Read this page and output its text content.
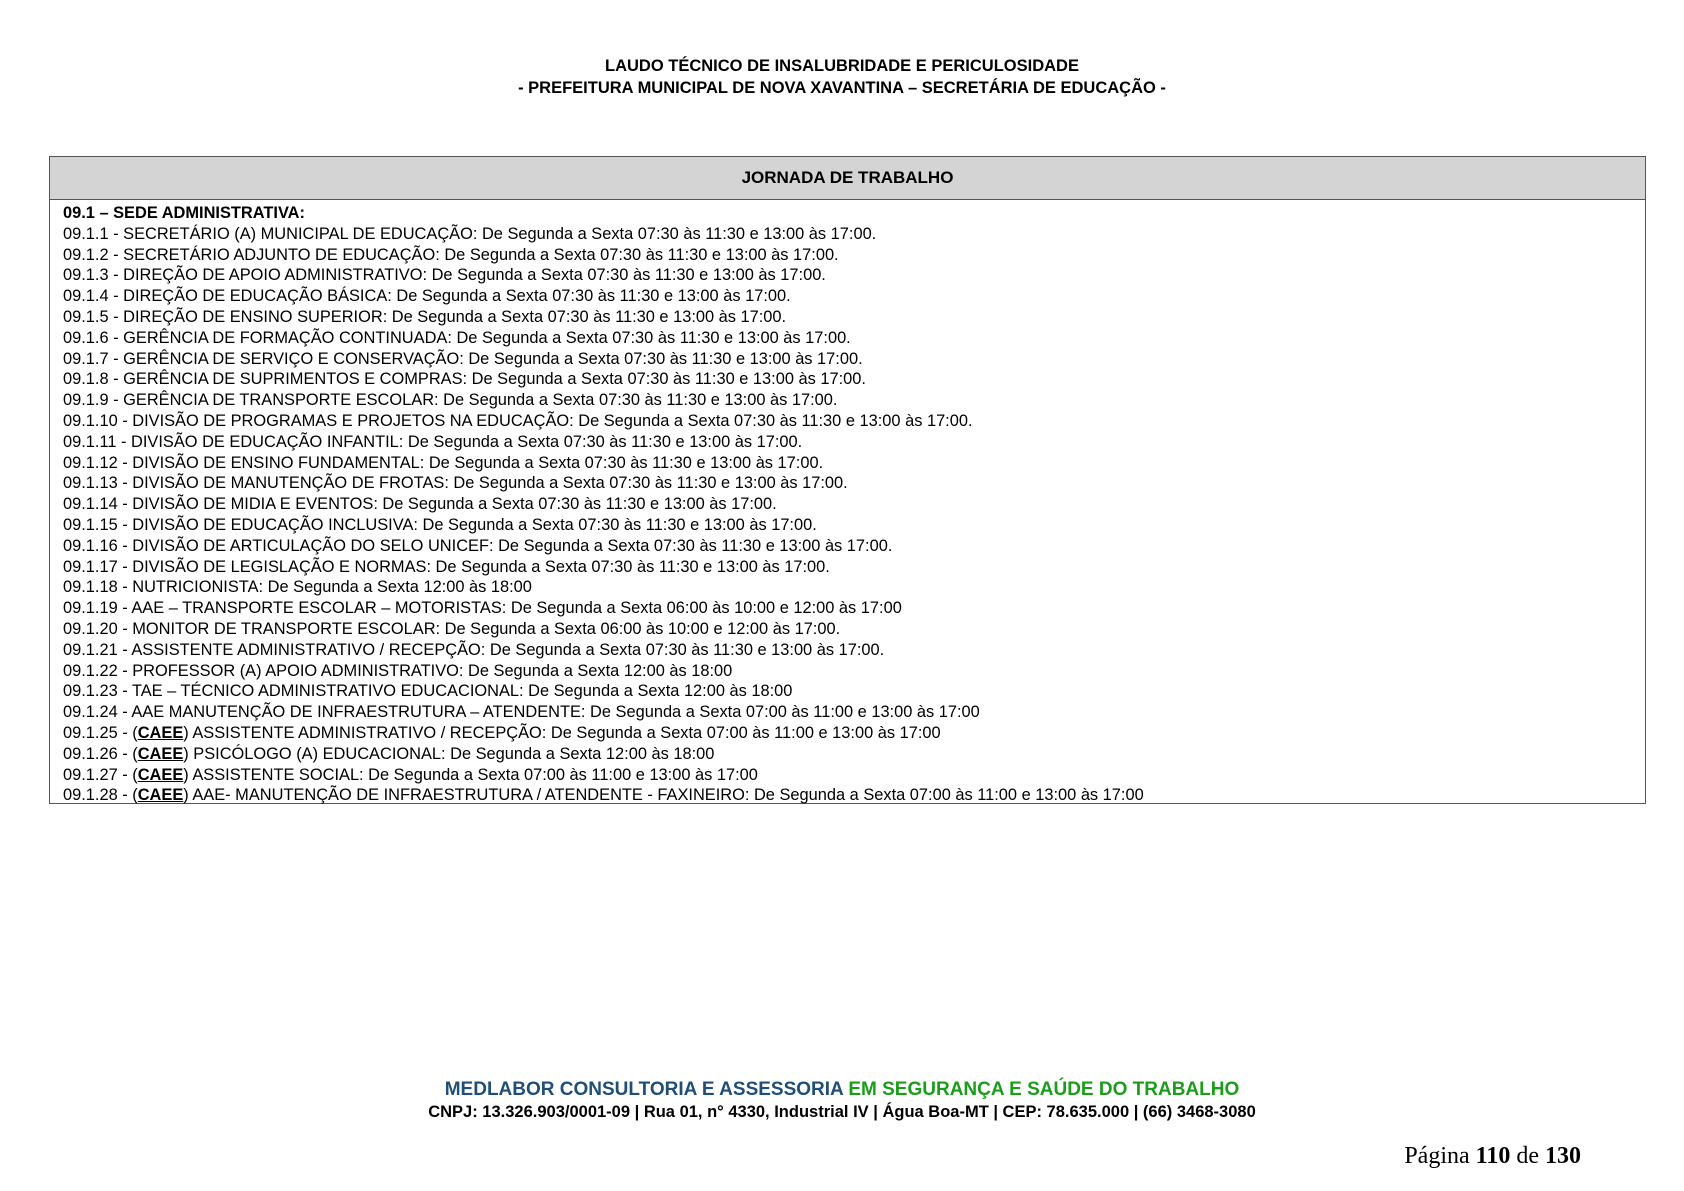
LAUDO TÉCNICO DE INSALUBRIDADE E PERICULOSIDADE
- PREFEITURA MUNICIPAL DE NOVA XAVANTINA – SECRETÁRIA DE EDUCAÇÃO -
JORNADA DE TRABALHO
09.1 – SEDE ADMINISTRATIVA:
09.1.1 - SECRETÁRIO (A) MUNICIPAL DE EDUCAÇÃO: De Segunda a Sexta 07:30 às 11:30 e 13:00 às 17:00.
09.1.2 - SECRETÁRIO ADJUNTO DE EDUCAÇÃO: De Segunda a Sexta 07:30 às 11:30 e 13:00 às 17:00.
09.1.3 - DIREÇÃO DE APOIO ADMINISTRATIVO: De Segunda a Sexta 07:30 às 11:30 e 13:00 às 17:00.
09.1.4 - DIREÇÃO DE EDUCAÇÃO BÁSICA: De Segunda a Sexta 07:30 às 11:30 e 13:00 às 17:00.
09.1.5 - DIREÇÃO DE ENSINO SUPERIOR: De Segunda a Sexta 07:30 às 11:30 e 13:00 às 17:00.
09.1.6 - GERÊNCIA DE FORMAÇÃO CONTINUADA: De Segunda a Sexta 07:30 às 11:30 e 13:00 às 17:00.
09.1.7 - GERÊNCIA DE SERVIÇO E CONSERVAÇÃO: De Segunda a Sexta 07:30 às 11:30 e 13:00 às 17:00.
09.1.8 - GERÊNCIA DE SUPRIMENTOS E COMPRAS: De Segunda a Sexta 07:30 às 11:30 e 13:00 às 17:00.
09.1.9 - GERÊNCIA DE TRANSPORTE ESCOLAR: De Segunda a Sexta 07:30 às 11:30 e 13:00 às 17:00.
09.1.10 - DIVISÃO DE PROGRAMAS E PROJETOS NA EDUCAÇÃO: De Segunda a Sexta 07:30 às 11:30 e 13:00 às 17:00.
09.1.11 - DIVISÃO DE EDUCAÇÃO INFANTIL: De Segunda a Sexta 07:30 às 11:30 e 13:00 às 17:00.
09.1.12 - DIVISÃO DE ENSINO FUNDAMENTAL: De Segunda a Sexta 07:30 às 11:30 e 13:00 às 17:00.
09.1.13 - DIVISÃO DE MANUTENÇÃO DE FROTAS: De Segunda a Sexta 07:30 às 11:30 e 13:00 às 17:00.
09.1.14 - DIVISÃO DE MIDIA E EVENTOS: De Segunda a Sexta 07:30 às 11:30 e 13:00 às 17:00.
09.1.15 - DIVISÃO DE EDUCAÇÃO INCLUSIVA: De Segunda a Sexta 07:30 às 11:30 e 13:00 às 17:00.
09.1.16 - DIVISÃO DE ARTICULAÇÃO DO SELO UNICEF: De Segunda a Sexta 07:30 às 11:30 e 13:00 às 17:00.
09.1.17 - DIVISÃO DE LEGISLAÇÃO E NORMAS: De Segunda a Sexta 07:30 às 11:30 e 13:00 às 17:00.
09.1.18 - NUTRICIONISTA: De Segunda a Sexta 12:00 às 18:00
09.1.19 - AAE – TRANSPORTE ESCOLAR – MOTORISTAS: De Segunda a Sexta 06:00 às 10:00 e 12:00 às 17:00
09.1.20 - MONITOR DE TRANSPORTE ESCOLAR: De Segunda a Sexta 06:00 às 10:00 e 12:00 às 17:00.
09.1.21 - ASSISTENTE ADMINISTRATIVO / RECEPÇÃO: De Segunda a Sexta 07:30 às 11:30 e 13:00 às 17:00.
09.1.22 - PROFESSOR (A) APOIO ADMINISTRATIVO: De Segunda a Sexta 12:00 às 18:00
09.1.23 - TAE – TÉCNICO ADMINISTRATIVO EDUCACIONAL: De Segunda a Sexta 12:00 às 18:00
09.1.24 - AAE MANUTENÇÃO DE INFRAESTRUTURA – ATENDENTE: De Segunda a Sexta 07:00 às 11:00 e 13:00 às 17:00
09.1.25 - (CAEE) ASSISTENTE ADMINISTRATIVO / RECEPÇÃO: De Segunda a Sexta 07:00 às 11:00 e 13:00 às 17:00
09.1.26 - (CAEE) PSICÓLOGO (A) EDUCACIONAL: De Segunda a Sexta 12:00 às 18:00
09.1.27 - (CAEE) ASSISTENTE SOCIAL: De Segunda a Sexta 07:00 às 11:00 e 13:00 às 17:00
09.1.28 - (CAEE) AAE- MANUTENÇÃO DE INFRAESTRUTURA / ATENDENTE - FAXINEIRO: De Segunda a Sexta 07:00 às 11:00 e 13:00 às 17:00
MEDLABOR CONSULTORIA E ASSESSORIA EM SEGURANÇA E SAÚDE DO TRABALHO
CNPJ: 13.326.903/0001-09 | Rua 01, n° 4330, Industrial IV | Água Boa-MT | CEP: 78.635.000 | (66) 3468-3080
Página 110 de 130
